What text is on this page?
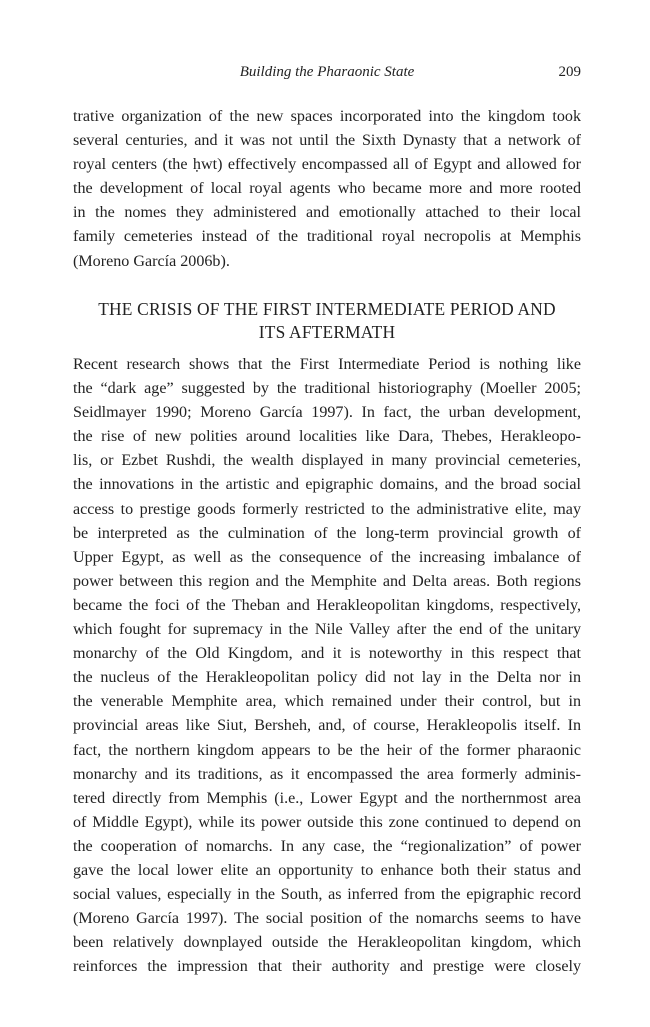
Building the Pharaonic State	209
trative organization of the new spaces incorporated into the kingdom took
several centuries, and it was not until the Sixth Dynasty that a network of
royal centers (the ḥwt) effectively encompassed all of Egypt and allowed for
the development of local royal agents who became more and more rooted
in the nomes they administered and emotionally attached to their local
family cemeteries instead of the traditional royal necropolis at Memphis
(Moreno García 2006b).
THE CRISIS OF THE FIRST INTERMEDIATE PERIOD AND
ITS AFTERMATH
Recent research shows that the First Intermediate Period is nothing like
the “dark age” suggested by the traditional historiography (Moeller 2005;
Seidlmayer 1990; Moreno García 1997). In fact, the urban development,
the rise of new polities around localities like Dara, Thebes, Herakleopo-
lis, or Ezbet Rushdi, the wealth displayed in many provincial cemeteries,
the innovations in the artistic and epigraphic domains, and the broad social
access to prestige goods formerly restricted to the administrative elite, may
be interpreted as the culmination of the long-term provincial growth of
Upper Egypt, as well as the consequence of the increasing imbalance of
power between this region and the Memphite and Delta areas. Both regions
became the foci of the Theban and Herakleopolitan kingdoms, respectively,
which fought for supremacy in the Nile Valley after the end of the unitary
monarchy of the Old Kingdom, and it is noteworthy in this respect that
the nucleus of the Herakleopolitan policy did not lay in the Delta nor in
the venerable Memphite area, which remained under their control, but in
provincial areas like Siut, Bersheh, and, of course, Herakleopolis itself. In
fact, the northern kingdom appears to be the heir of the former pharaonic
monarchy and its traditions, as it encompassed the area formerly adminis-
tered directly from Memphis (i.e., Lower Egypt and the northernmost area
of Middle Egypt), while its power outside this zone continued to depend on
the cooperation of nomarchs. In any case, the “regionalization” of power
gave the local lower elite an opportunity to enhance both their status and
social values, especially in the South, as inferred from the epigraphic record
(Moreno García 1997). The social position of the nomarchs seems to have
been relatively downplayed outside the Herakleopolitan kingdom, which
reinforces the impression that their authority and prestige were closely
